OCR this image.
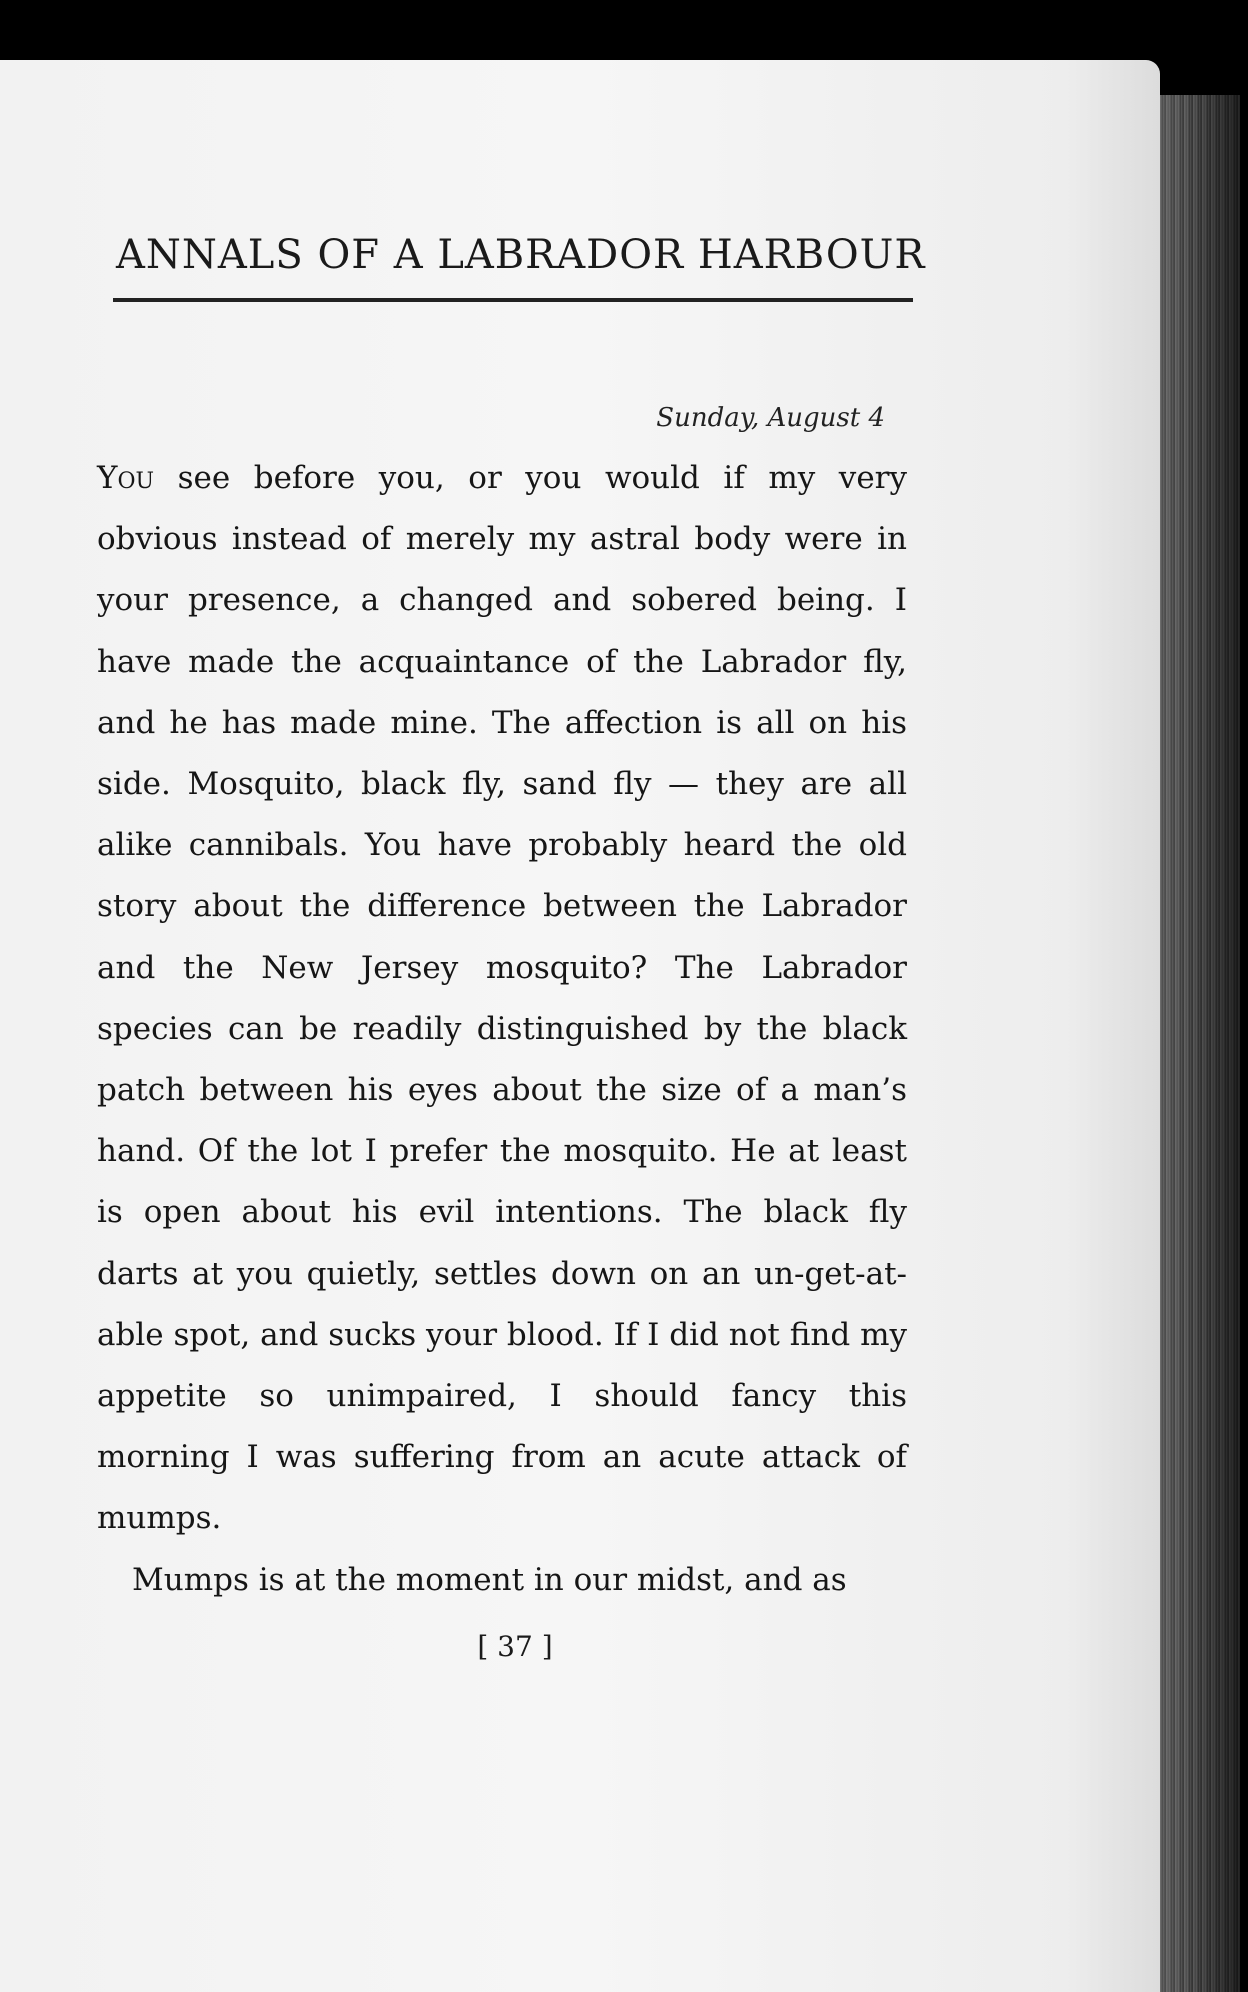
ANNALS OF A LABRADOR HARBOUR
Sunday, August 4

You see before you, or you would if my very obvious instead of merely my astral body were in your presence, a changed and sobered being. I have made the acquaintance of the Labrador fly, and he has made mine. The affection is all on his side. Mosquito, black fly, sand fly — they are all alike cannibals. You have probably heard the old story about the difference between the Labrador and the New Jersey mosquito? The Labrador species can be readily distinguished by the black patch between his eyes about the size of a man’s hand. Of the lot I prefer the mosquito. He at least is open about his evil intentions. The black fly darts at you quietly, settles down on an un-get-at-able spot, and sucks your blood. If I did not find my appetite so unimpaired, I should fancy this morning I was suffering from an acute attack of mumps.

Mumps is at the moment in our midst, and as

[ 37 ]
